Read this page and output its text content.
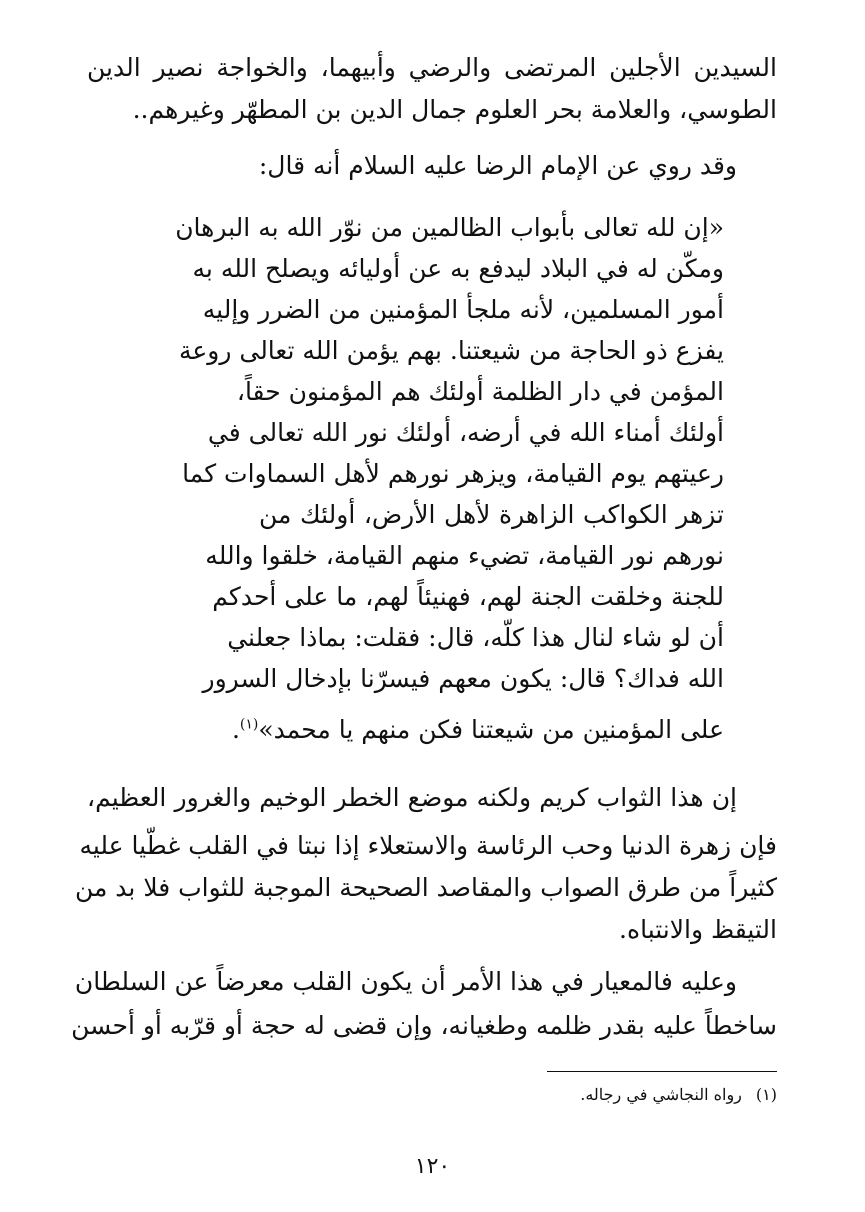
السيدين الأجلين المرتضى والرضي وأبيهما، والخواجة نصير الدين
الطوسي، والعلامة بحر العلوم جمال الدين بن المطهّر وغيرهم..
وقد روي عن الإمام الرضا عليه السلام أنه قال:
«إن لله تعالى بأبواب الظالمين من نوّر الله به البرهان
ومكّن له في البلاد ليدفع به عن أوليائه ويصلح الله به
أمور المسلمين، لأنه ملجأ المؤمنين من الضرر وإليه
يفزع ذو الحاجة من شيعتنا. بهم يؤمن الله تعالى روعة
المؤمن في دار الظلمة أولئك هم المؤمنون حقاً،
أولئك أمناء الله في أرضه، أولئك نور الله تعالى في
رعيتهم يوم القيامة، ويزهر نورهم لأهل السماوات كما
تزهر الكواكب الزاهرة لأهل الأرض، أولئك من
نورهم نور القيامة، تضيء منهم القيامة، خلقوا والله
للجنة وخلقت الجنة لهم، فهنيئاً لهم، ما على أحدكم
أن لو شاء لنال هذا كلّه، قال: فقلت: بماذا جعلني
الله فداك؟ قال: يكون معهم فيسرّنا بإدخال السرور
على المؤمنين من شيعتنا فكن منهم يا محمد»$^{(١)}$.
إن هذا الثواب كريم ولكنه موضع الخطر الوخيم والغرور العظيم،
فإن زهرة الدنيا وحب الرئاسة والاستعلاء إذا نبتا في القلب غطّيا عليه
كثيراً من طرق الصواب والمقاصد الصحيحة الموجبة للثواب فلا بد من
التيقظ والانتباه.
وعليه فالمعيار في هذا الأمر أن يكون القلب معرضاً عن السلطان
ساخطاً عليه بقدر ظلمه وطغيانه، وإن قضى له حجة أو قرّبه أو أحسن
(١)رواه النجاشي في رجاله.
١٢٠
